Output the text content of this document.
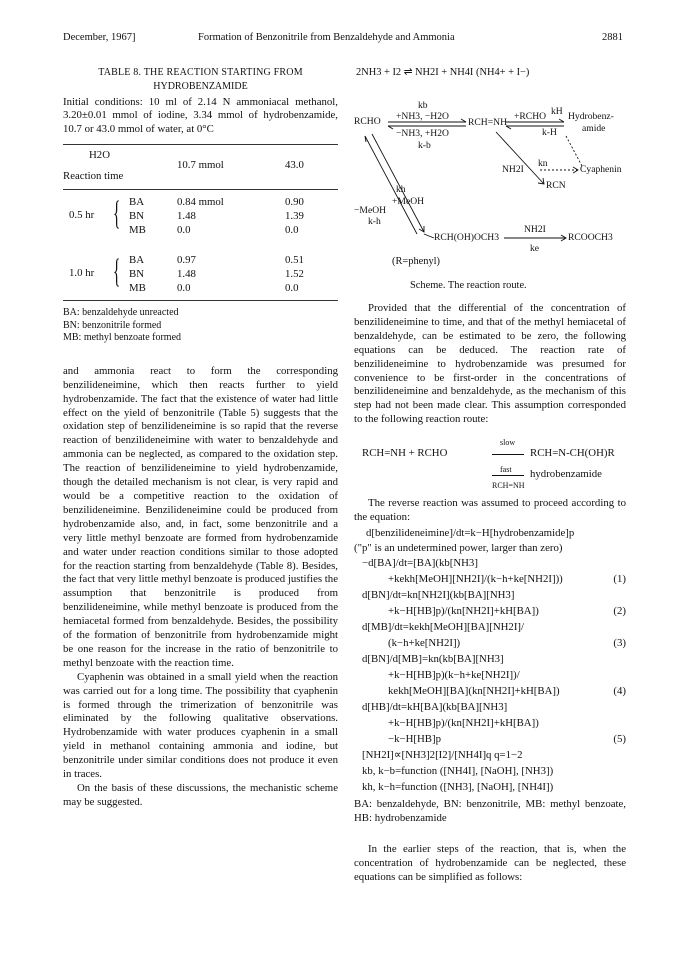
December, 1967]	Formation of Benzonitrile from Benzaldehyde and Ammonia	2881
TABLE 8. THE REACTION STARTING FROM
HYDROBENZAMIDE
Initial conditions: 10 ml of 2.14 N ammoniacal methanol, 3.20±0.01 mmol of iodine, 3.34 mmol of hydrobenzamide, 10.7 or 43.0 mmol of water, at 0°C
H2O
10.7 mmol	43.0
Reaction time
0.5 hr { BA	0.84 mmol	0.90
BN	1.48	1.39
MB	0.0	0.0
1.0 hr { BA	0.97	0.51
BN	1.48	1.52
MB	0.0	0.0
BA: benzaldehyde unreacted
BN: benzonitrile formed
MB: methyl benzoate formed

and ammonia react to form the corresponding benzilideneimine, which then reacts further to yield hydrobenzamide. The fact that the existence of water had little effect on the yield of benzonitrile (Table 5) suggests that the oxidation step of benzilideneimine is so rapid that the reverse reaction of benzilideneimine with water to benzaldehyde and ammonia can be neglected, as compared to the oxidation step. The reaction of benzilideneimine to yield hydrobenzamide, though the detailed mechanism is not clear, is very rapid and would be a competitive reaction to the oxidation of benzilideneimine. Benzilideneimine could be produced from hydrobenzamide also, and, in fact, some benzonitrile and a very little methyl benzoate are formed from hydrobenzamide and water under reaction conditions similar to those adopted for the reaction starting from benzaldehyde (Table 8). Besides, the fact that very little methyl benzoate is produced justifies the assumption that benzonitrile is produced from benzilideneimine, while methyl benzoate is produced from the hemiacetal formed from benzaldehyde. Besides, the possibility of the formation of benzonitrile from hydrobenzamide might be one reason for the increase in the ratio of benzonitrile to methyl benzoate with the reaction time.

Cyaphenin was obtained in a small yield when the reaction was carried out for a long time. The possibility that cyaphenin is formed through the trimerization of benzonitrile was eliminated by the following qualitative observations. Hydrobenzamide with water produces cyaphenin in a small yield in methanol containing ammonia and iodine, but benzonitrile under similar conditions does not produce it even in traces.

On the basis of these discussions, the mechanistic scheme may be suggested.

2NH3 + I2 ⇌ NH2I + NH4I (NH4+ + I−)
RCHO
kb
+NH3, −H2O
−NH3, +H2O
k-b
RCH=NH
+RCHO kH
k-H
Hydrobenz-
amide
NH2I
kn
Cyaphenin
RCN
kh
+MeOH
−MeOH
k-h
RCH(OH)OCH3
NH2I
ke
RCOOCH3
(R=phenyl)
Scheme. The reaction route.

Provided that the differential of the concentration of benzilideneimine to time, and that of the methyl hemiacetal of benzaldehyde, can be estimated to be zero, the following equations can be deduced. The reaction rate of benzilideneimine to hydrobenzamide was presumed for convenience to be first-order in the concentrations of benzilideneimine and benzaldehyde, as the mechanism of this step had not been made clear. This assumption corresponded to the following reaction route:

RCH=NH + RCHO
slow
RCH=N-CH(OH)R
fast
RCH=NH
hydrobenzamide

The reverse reaction was assumed to proceed according to the equation:

d[benzilideneimine]/dt=k−H[hydrobenzamide]p
("p" is an undetermined power, larger than zero)
−d[BA]/dt=[BA](kb[NH3]
+kekh[MeOH][NH2I]/(k−h+ke[NH2I]))	(1)
d[BN]/dt=kn[NH2I](kb[BA][NH3]
+k−H[HB]p)/(kn[NH2I]+kH[BA])	(2)
d[MB]/dt=kekh[MeOH][BA][NH2I]/
(k−h+ke[NH2I])	(3)
d[BN]/d[MB]=kn(kb[BA][NH3]
+k−H[HB]p)(k−h+ke[NH2I])/
kekh[MeOH][BA](kn[NH2I]+kH[BA])	(4)
d[HB]/dt=kH[BA](kb[BA][NH3]
+k−H[HB]p)/(kn[NH2I]+kH[BA])
−k−H[HB]p	(5)
[NH2I]∝[NH3]2[I2]/[NH4I]q q=1−2
kb, k−b=function ([NH4I], [NaOH], [NH3])
kh, k−h=function ([NH3], [NaOH], [NH4I])
BA: benzaldehyde, BN: benzonitrile, MB: methyl benzoate, HB: hydrobenzamide

In the earlier steps of the reaction, that is, when the concentration of hydrobenzamide can be neglected, these equations can be simplified as follows:
